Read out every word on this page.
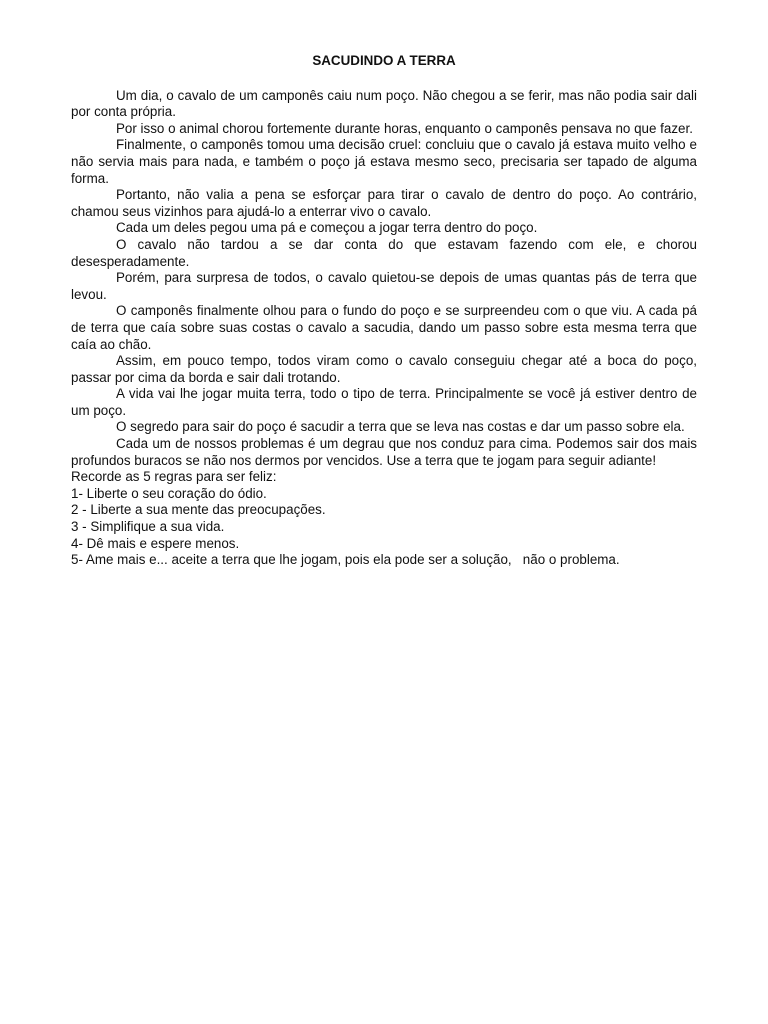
SACUDINDO A TERRA

Um dia, o cavalo de um camponês caiu num poço. Não chegou a se ferir, mas não podia sair dali por conta própria.

Por isso o animal chorou fortemente durante horas, enquanto o camponês pensava no que fazer.

Finalmente, o camponês tomou uma decisão cruel: concluiu que o cavalo já estava muito velho e não servia mais para nada, e também o poço já estava mesmo seco, precisaria ser tapado de alguma forma.

Portanto, não valia a pena se esforçar para tirar o cavalo de dentro do poço. Ao contrário, chamou seus vizinhos para ajudá-lo a enterrar vivo o cavalo.

Cada um deles pegou uma pá e começou a jogar terra dentro do poço.

O cavalo não tardou a se dar conta do que estavam fazendo com ele, e chorou desesperadamente.

Porém, para surpresa de todos, o cavalo quietou-se depois de umas quantas pás de terra que levou.

O camponês finalmente olhou para o fundo do poço e se surpreendeu com o que viu. A cada pá de terra que caía sobre suas costas o cavalo a sacudia, dando um passo sobre esta mesma terra que caía ao chão.

Assim, em pouco tempo, todos viram como o cavalo conseguiu chegar até a boca do poço, passar por cima da borda e sair dali trotando.

A vida vai lhe jogar muita terra, todo o tipo de terra. Principalmente se você já estiver dentro de um poço.

O segredo para sair do poço é sacudir a terra que se leva nas costas e dar um passo sobre ela.

Cada um de nossos problemas é um degrau que nos conduz para cima. Podemos sair dos mais profundos buracos se não nos dermos por vencidos. Use a terra que te jogam para seguir adiante!

Recorde as 5 regras para ser feliz:

1- Liberte o seu coração do ódio.
2 - Liberte a sua mente das preocupações.
3 - Simplifique a sua vida.
4- Dê mais e espere menos.
5- Ame mais e... aceite a terra que lhe jogam, pois ela pode ser a solução,   não o problema.
